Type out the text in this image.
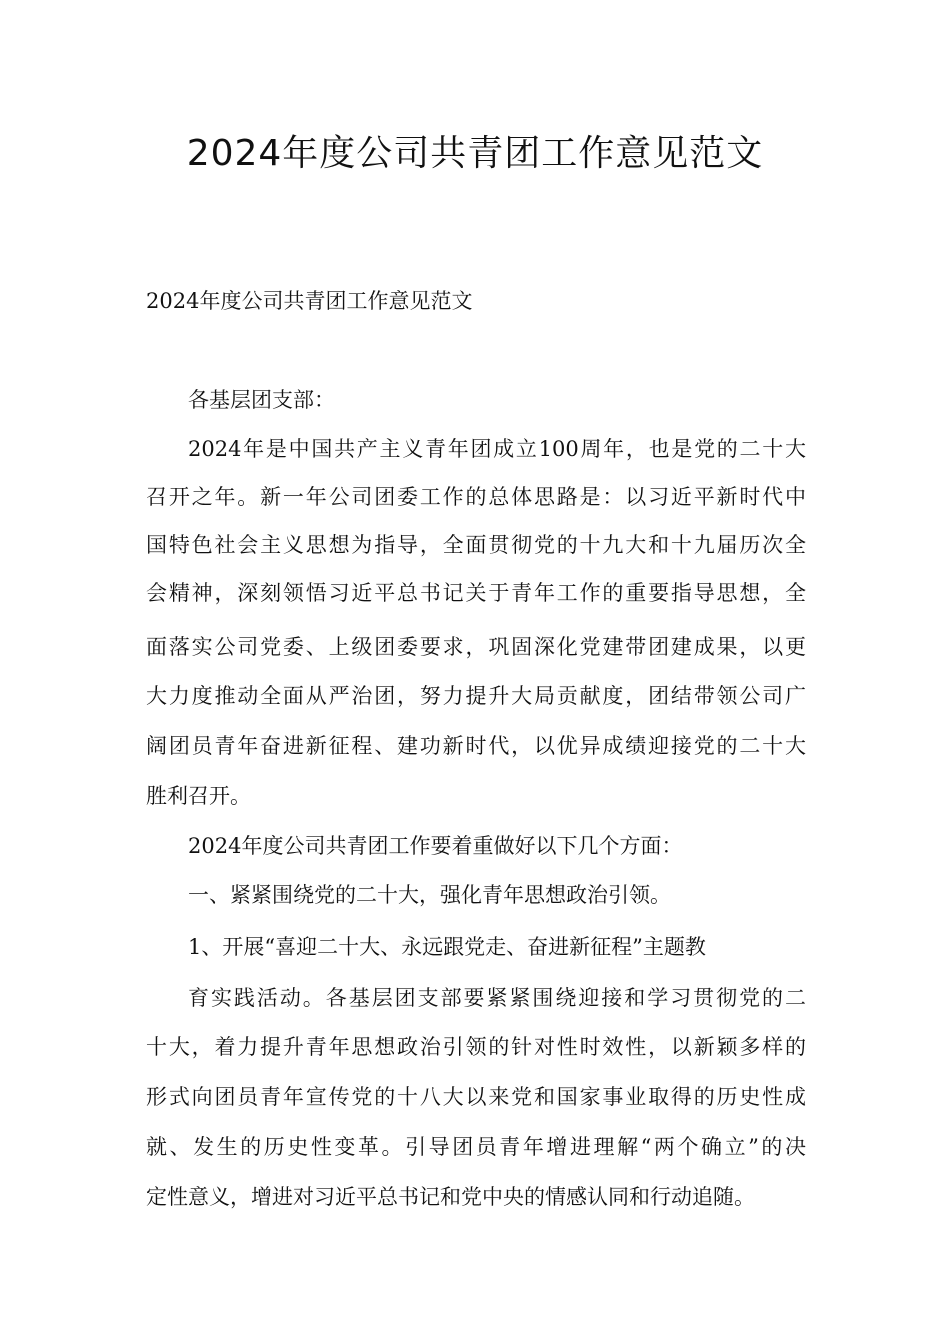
2024年度公司共青团工作意见范文

2024年度公司共青团工作意见范文

各基层团支部：

2024年是中国共产主义青年团成立100周年，也是党的二十大

召开之年。新一年公司团委工作的总体思路是：以习近平新时代中

国特色社会主义思想为指导，全面贯彻党的十九大和十九届历次全

会精神，深刻领悟习近平总书记关于青年工作的重要指导思想，全

面落实公司党委、上级团委要求，巩固深化党建带团建成果，以更

大力度推动全面从严治团，努力提升大局贡献度，团结带领公司广

阔团员青年奋进新征程、建功新时代，以优异成绩迎接党的二十大

胜利召开。

2024年度公司共青团工作要着重做好以下几个方面：

一、紧紧围绕党的二十大，强化青年思想政治引领。

1、开展“喜迎二十大、永远跟党走、奋进新征程”主题教

育实践活动。各基层团支部要紧紧围绕迎接和学习贯彻党的二

十大，着力提升青年思想政治引领的针对性时效性，以新颖多样的

形式向团员青年宣传党的十八大以来党和国家事业取得的历史性成

就、发生的历史性变革。引导团员青年增进理解“两个确立”的决

定性意义，增进对习近平总书记和党中央的情感认同和行动追随。
